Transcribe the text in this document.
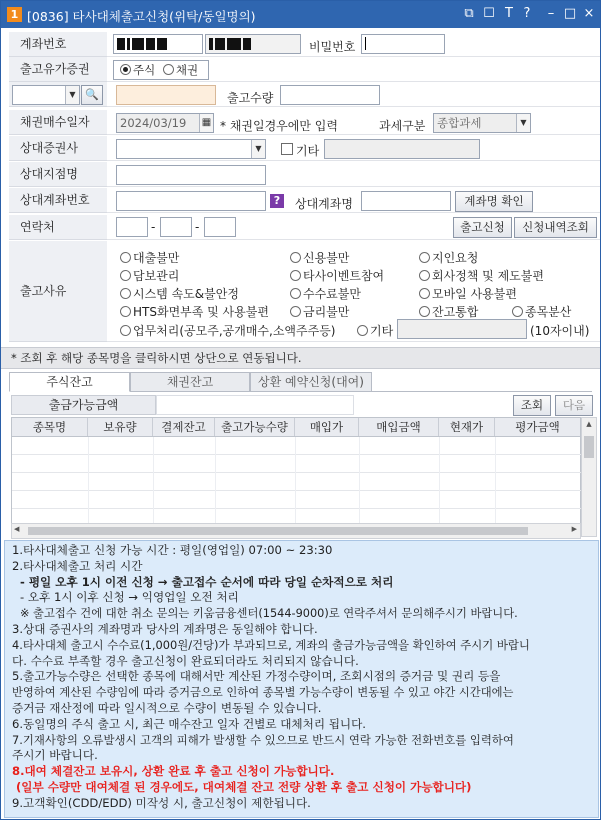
1 [0836] 타사대체출고신청(위탁/동일명의)	⧉ ☐ T ?	– □ ×
계좌번호	비밀번호
출고유가증권	주식 채권
▼ 🔍	출고수량
채권매수일자	2024/03/19 ▦ * 채권일경우에만 입력	과세구분	종합과세	▼
상대증권사	▼	기타
상대지점명
상대계좌번호	?	상대계좌명	계좌명 확인
연락처	-	-	출고신청	신청내역조회
출고사유
대출불만	신용불만	지인요청
담보관리	타사이벤트참여	회사정책 및 제도불편
시스템 속도&불안정	수수료불만	모바일 사용불편
HTS화면부족 및 사용불편	금리불만	잔고통합	종목분산
업무처리(공모주,공개매수,소액주주등)	기타	(10자이내)
* 조회 후 해당 종목명을 클릭하시면 상단으로 연동됩니다.
주식잔고	채권잔고	상환 예약신청(대여)
출금가능금액	조회	다음
종목명	보유량	결제잔고	출고가능수량	매입가	매입금액	현재가	평가금액	▲
◀	▶
1.타사대체출고 신청 가능 시간 : 평일(영업일) 07:00 ~ 23:30
2.타사대체출고 처리 시간
- 평일 오후 1시 이전 신청 → 출고접수 순서에 따라 당일 순차적으로 처리
- 오후 1시 이후 신청 → 익영업일 오전 처리
※ 출고접수 건에 대한 취소 문의는 키움금융센터(1544-9000)로 연락주셔서 문의해주시기 바랍니다.
3.상대 증권사의 계좌명과 당사의 계좌명은 동일해야 합니다.
4.타사대체 출고시 수수료(1,000원/건당)가 부과되므로, 계좌의 출금가능금액을 확인하여 주시기 바랍니
다. 수수료 부족할 경우 출고신청이 완료되더라도 처리되지 않습니다.
5.출고가능수량은 선택한 종목에 대해서만 계산된 가정수량이며, 조회시점의 증거금 및 권리 등을
반영하여 계산된 수량임에 따라 증거금으로 인하여 종목별 가능수량이 변동될 수 있고 야간 시간대에는
증거금 재산정에 따라 일시적으로 수량이 변동될 수 있습니다.
6.동일명의 주식 출고 시, 최근 매수잔고 일자 건별로 대체처리 됩니다.
7.기재사항의 오류발생시 고객의 피해가 발생할 수 있으므로 반드시 연락 가능한 전화번호를 입력하여
주시기 바랍니다.
8.대여 체결잔고 보유시, 상환 완료 후 출고 신청이 가능합니다.
(일부 수량만 대여체결 된 경우에도, 대여체결 잔고 전량 상환 후 출고 신청이 가능합니다)
9.고객확인(CDD/EDD) 미작성 시, 출고신청이 제한됩니다.
